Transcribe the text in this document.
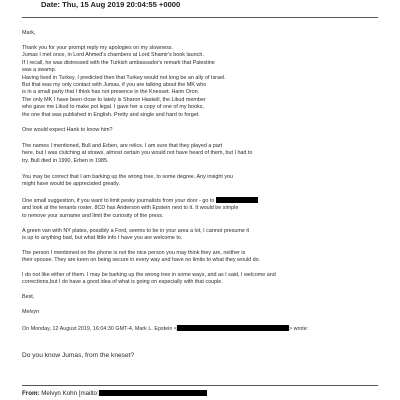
Date: Thu, 15 Aug 2019 20:04:55 +0000
Mark,
Thank you for your prompt reply my apologies on my slowness.
Jumas I met once, in Lord Ahmed's chambers at Lord Shamir's book launch.
If I recall, he was distressed with the Turkish ambassador's remark that Palestine
was a swamp.
Having lived in Turkey, I predicted then that Turkey would not long be an ally of Israel.
But that was my only contact with Jumas, if you are talking about the MK who
is in a small party that I think has not presence in the Knesset. Haim Oron.
The only MK I have been close to lately is Sharon Haskell, the Likud member
who gave me Likud to make pot legal. I gave her a copy of one of my books,
the one that was published in English. Pretty and single and hard to forget.
One would expect Hank to know him?
The names I mentioned, Bull and Erben, are relics. I am sure that they played a part
here, but I was clutching at straws, almost certain you would not have heard of them, but I had to
try. Bull died in 1990, Erben in 1985.
You may be correct that I am barking up the wrong tree, to some degree. Any insight you
might have would be appreciated greatly.
One small suggestion, if you want to limit pesky journalists from your door - go to
and look at the tenants roster. 8CD has Anderson with Epstein next to it. It would be simple
to remove your surname and limit the curiosity of the press.
A green van with NY plates, possibly a Ford, seems to be in your area a lot, I cannot presume it
is up to anything bad, but what little info I have you are welcome to.
The person I mentioned on the phone is not the nice person you may think they are, neither is
their spouse. They are keen on being secure in every way and have no limits to what they would do.
I do not like either of them. I may be barking up the wrong tree in some ways, and as I said, I welcome and
corrections,but I do have a good idea of what is going on especially with that couple.
Best,
Melvyn
On Monday, 12 August 2019, 16:04:30 GMT-4, Mark L. Epstein <	> wrote:
Do you know Jumas, from the kneset?
From: Melvyn Kohn [mailto:
